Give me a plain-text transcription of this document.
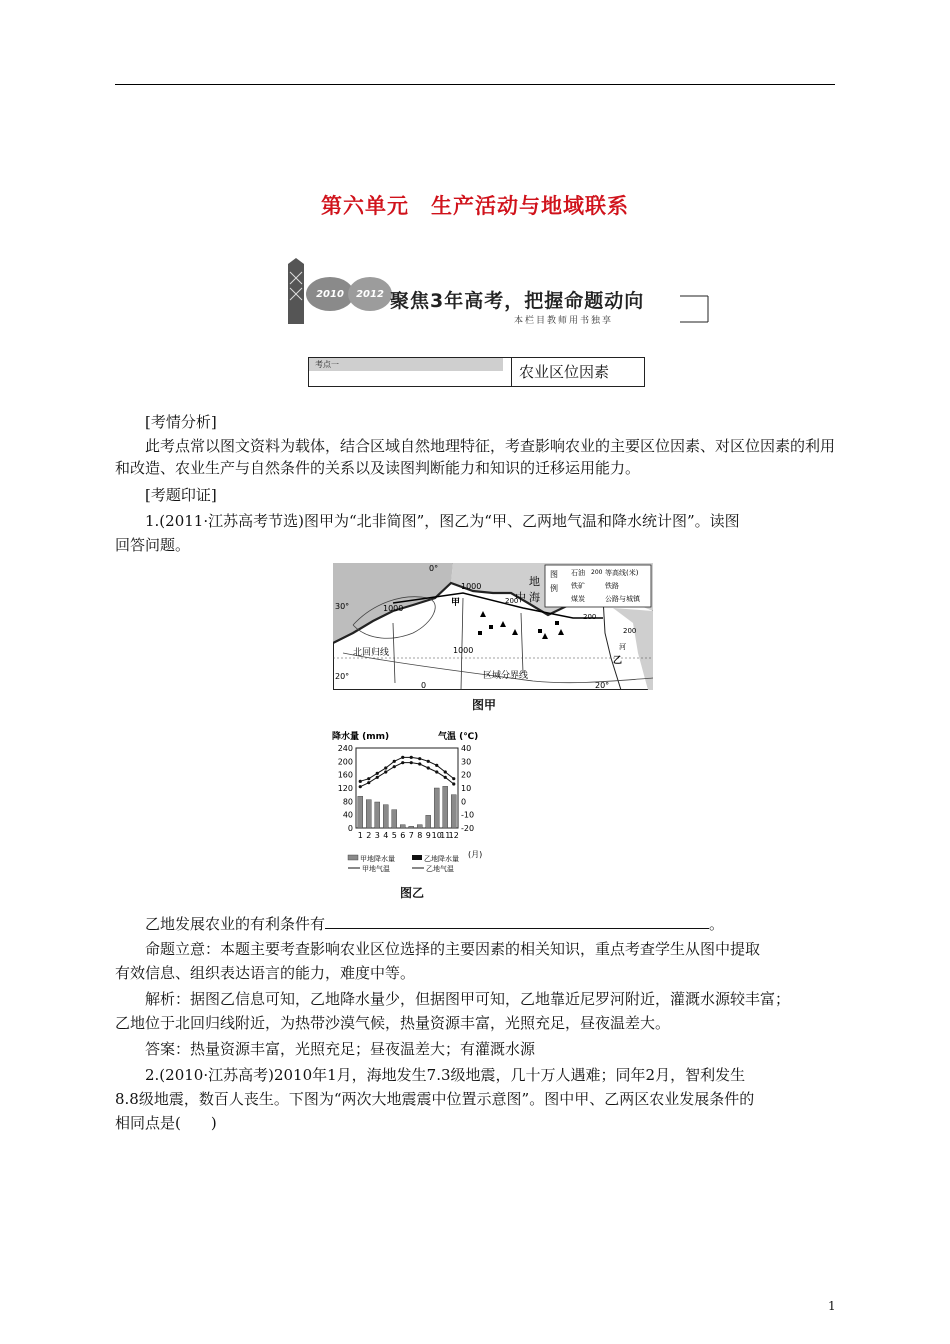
第六单元　生产活动与地域联系
2010 2012 聚焦3年高考，把握命题动向
本栏目教师用书独享
考点一	农业区位因素
[考情分析]
此考点常以图文资料为载体，结合区域自然地理特征，考查影响农业的主要区位因素、对区位因素的利用和改造、农业生产与自然条件的关系以及读图判断能力和知识的迁移运用能力。
[考题印证]
1.(2011·江苏高考节选)图甲为“北非简图”，图乙为“甲、乙两地气温和降水统计图”。读图
回答问题。
图
例
石油 200 等高线(米)
铁矿	铁路
煤炭	公路与城镇
30°
20°
20°
0°
0
1000
1000
1000
200
200
200
地
中 海
甲
乙
北回归线
区域分界线
河
图甲
降水量 (mm)	气温 (℃)
240
200
160
120
80
40
0
40
30
20
10
0
-10
-20
1 2 3 4 5 6 7 8 9 10
11
12
甲地降水量	乙地降水量
甲地气温	乙地气温
(月)
图乙
乙地发展农业的有利条件有	。
命题立意：本题主要考查影响农业区位选择的主要因素的相关知识，重点考查学生从图中提取
有效信息、组织表达语言的能力，难度中等。
解析：据图乙信息可知，乙地降水量少，但据图甲可知，乙地靠近尼罗河附近，灌溉水源较丰富；
乙地位于北回归线附近，为热带沙漠气候，热量资源丰富，光照充足，昼夜温差大。
答案：热量资源丰富，光照充足；昼夜温差大；有灌溉水源
2.(2010·江苏高考)2010年1月，海地发生7.3级地震，几十万人遇难；同年2月，智利发生
8.8级地震，数百人丧生。下图为“两次大地震震中位置示意图”。图中甲、乙两区农业发展条件的
相同点是(　　)
1
